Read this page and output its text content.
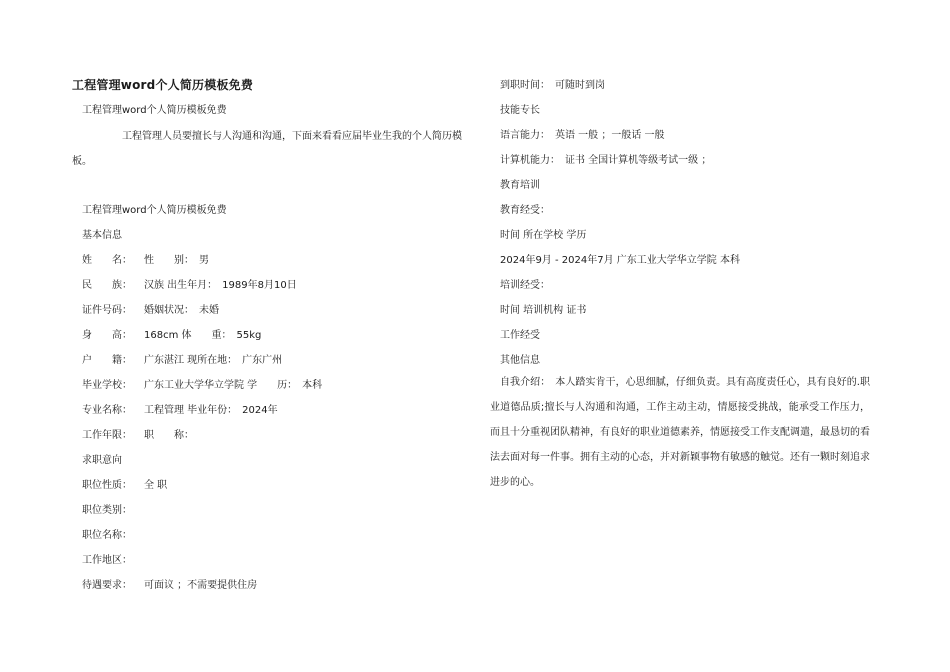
工程管理word个人简历模板免费
工程管理word个人简历模板免费
工程管理人员要擅长与人沟通和沟通，下面来看看应届毕业生我的个人简历模板。
工程管理word个人简历模板免费
基本信息
姓　　名： 性　　别：　男
民　　族： 汉族 出生年月：　1989年8月10日
证件号码： 婚姻状况：　未婚
身　　高： 168cm 体　　重：　55kg
户　　籍： 广东湛江 现所在地：　广东广州
毕业学校： 广东工业大学华立学院 学　　历：　本科
专业名称： 工程管理 毕业年份：　2024年
工作年限： 职　　称：
求职意向
职位性质： 全 职
职位类别：
职位名称：
工作地区：
待遇要求： 可面议 ；不需要提供住房
到职时间：　可随时到岗
技能专长
语言能力：　英语 一般 ；一般话 一般
计算机能力：　证书 全国计算机等级考试一级 ；
教育培训
教育经受：
时间 所在学校 学历
2024年9月 - 2024年7月 广东工业大学华立学院 本科
培训经受：
时间 培训机构 证书
工作经受
其他信息
自我介绍：　本人踏实肯干，心思细腻，仔细负责。具有高度责任心，具有良好的.职业道德品质;擅长与人沟通和沟通，工作主动主动，情愿接受挑战，能承受工作压力，而且十分重视团队精神，有良好的职业道德素养，情愿接受工作支配调遣，最恳切的看法去面对每一件事。拥有主动的心态，并对新颖事物有敏感的触觉。还有一颗时刻追求进步的心。
